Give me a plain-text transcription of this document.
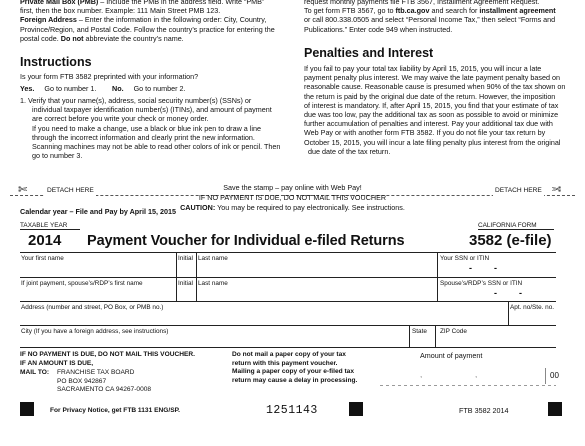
Private Mail Box (PMB) – Include the PMB in the address field. Write “PMB”
first, then the box number. Example: 111 Main Street PMB 123.
Foreign Address – Enter the information in the following order: City, Country,
Province/Region, and Postal Code. Follow the country’s practice for entering the
postal code. Do not abbreviate the country’s name.
Instructions
Is your form FTB 3582 preprinted with your information?
Yes. Go to number 1. No. Go to number 2.
1. Verify that your name(s), address, social security number(s) (SSNs) or
individual taxpayer identification number(s) (ITINs), and amount of payment
are correct before you write your check or money order.
If you need to make a change, use a black or blue ink pen to draw a line
through the incorrect information and clearly print the new information.
Scanning machines may not be able to read other colors of ink or pencil. Then
go to number 3.
request monthly payments file FTB 3567, Installment Agreement Request.
To get form FTB 3567, go to ftb.ca.gov and search for installment agreement
or call 800.338.0505 and select “Personal Income Tax,” then select “Forms and
Publications.” Enter code 949 when instructed.
Penalties and Interest
If you fail to pay your total tax liability by April 15, 2015, you will incur a late
payment penalty plus interest. We may waive the late payment penalty based on
reasonable cause. Reasonable cause is presumed when 90% of the tax shown on
the return is paid by the original due date of the return. However, the imposition
of interest is mandatory. If, after April 15, 2015, you find that your estimate of tax
due was too low, pay the additional tax as soon as possible to avoid or minimize
further accumulation of penalties and interest. Pay your additional tax due with
Web Pay or with another form FTB 3582. If you do not file your tax return by
October 15, 2015, you will incur a late filing penalty plus interest from the original
due date of the tax return.
✄	DETACH HERE	DETACH HERE ✄
Save the stamp – pay online with Web Pay!
IF NO PAYMENT IS DUE, DO NOT MAIL THIS VOUCHER
CAUTION: You may be required to pay electronically. See instructions.
Calendar year – File and Pay by April 15, 2015
TAXABLE YEAR	CALIFORNIA FORM
2014 Payment Voucher for Individual e-filed Returns	3582 (e-file)
Your first name	Initial Last name	Your SSN or ITIN
- -
If joint payment, spouse’s/RDP’s first name	Initial Last name	Spouse’s/RDP’s SSN or ITIN
- -
Address (number and street, PO Box, or PMB no.)	Apt. no/Ste. no.
City (If you have a foreign address, see instructions)	State ZIP Code
IF NO PAYMENT IS DUE, DO NOT MAIL THIS VOUCHER.
IF AN AMOUNT IS DUE,
MAIL TO: FRANCHISE TAX BOARD
PO BOX 942867
SACRAMENTO CA 94267-0008
Do not mail a paper copy of your tax
return with this payment voucher.
Mailing a paper copy of your e-filed tax
return may cause a delay in processing.
Amount of payment
00
,	,
For Privacy Notice, get FTB 1131 ENG/SP.	1251143	FTB 3582 2014
